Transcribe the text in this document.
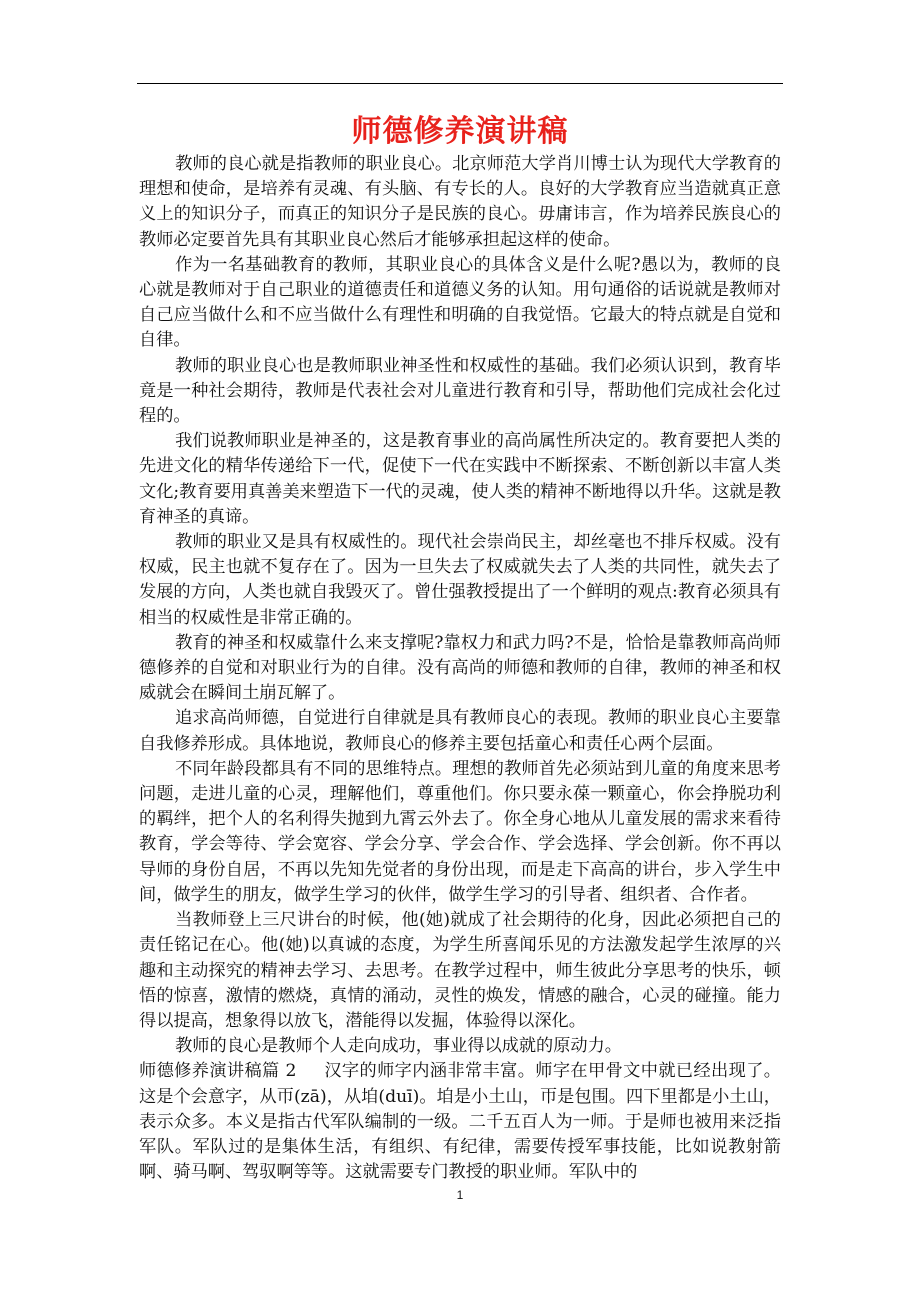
师德修养演讲稿

教师的良心就是指教师的职业良心。北京师范大学肖川博士认为现代大学教育的理想和使命，是培养有灵魂、有头脑、有专长的人。良好的大学教育应当造就真正意义上的知识分子，而真正的知识分子是民族的良心。毋庸讳言，作为培养民族良心的教师必定要首先具有其职业良心然后才能够承担起这样的使命。

作为一名基础教育的教师，其职业良心的具体含义是什么呢?愚以为，教师的良心就是教师对于自己职业的道德责任和道德义务的认知。用句通俗的话说就是教师对自己应当做什么和不应当做什么有理性和明确的自我觉悟。它最大的特点就是自觉和自律。

教师的职业良心也是教师职业神圣性和权威性的基础。我们必须认识到，教育毕竟是一种社会期待，教师是代表社会对儿童进行教育和引导，帮助他们完成社会化过程的。

我们说教师职业是神圣的，这是教育事业的高尚属性所决定的。教育要把人类的先进文化的精华传递给下一代，促使下一代在实践中不断探索、不断创新以丰富人类文化;教育要用真善美来塑造下一代的灵魂，使人类的精神不断地得以升华。这就是教育神圣的真谛。

教师的职业又是具有权威性的。现代社会崇尚民主，却丝毫也不排斥权威。没有权威，民主也就不复存在了。因为一旦失去了权威就失去了人类的共同性，就失去了发展的方向，人类也就自我毁灭了。曾仕强教授提出了一个鲜明的观点:教育必须具有相当的权威性是非常正确的。

教育的神圣和权威靠什么来支撑呢?靠权力和武力吗?不是，恰恰是靠教师高尚师德修养的自觉和对职业行为的自律。没有高尚的师德和教师的自律，教师的神圣和权威就会在瞬间土崩瓦解了。

追求高尚师德，自觉进行自律就是具有教师良心的表现。教师的职业良心主要靠自我修养形成。具体地说，教师良心的修养主要包括童心和责任心两个层面。

不同年龄段都具有不同的思维特点。理想的教师首先必须站到儿童的角度来思考问题，走进儿童的心灵，理解他们，尊重他们。你只要永葆一颗童心，你会挣脱功利的羁绊，把个人的名利得失抛到九霄云外去了。你全身心地从儿童发展的需求来看待教育，学会等待、学会宽容、学会分享、学会合作、学会选择、学会创新。你不再以导师的身份自居，不再以先知先觉者的身份出现，而是走下高高的讲台，步入学生中间，做学生的朋友，做学生学习的伙伴，做学生学习的引导者、组织者、合作者。

当教师登上三尺讲台的时候，他(她)就成了社会期待的化身，因此必须把自己的责任铭记在心。他(她)以真诚的态度，为学生所喜闻乐见的方法激发起学生浓厚的兴趣和主动探究的精神去学习、去思考。在教学过程中，师生彼此分享思考的快乐，顿悟的惊喜，激情的燃烧，真情的涌动，灵性的焕发，情感的融合，心灵的碰撞。能力得以提高，想象得以放飞，潜能得以发掘，体验得以深化。

教师的良心是教师个人走向成功，事业得以成就的原动力。

师德修养演讲稿篇 2 汉字的师字内涵非常丰富。师字在甲骨文中就已经出现了。这是个会意字，从帀(zā)，从垍(duī)。垍是小土山，帀是包围。四下里都是小土山，表示众多。本义是指古代军队编制的一级。二千五百人为一师。于是师也被用来泛指军队。军队过的是集体生活，有组织、有纪律，需要传授军事技能，比如说教射箭啊、骑马啊、驾驭啊等等。这就需要专门教授的职业师。军队中的

1
